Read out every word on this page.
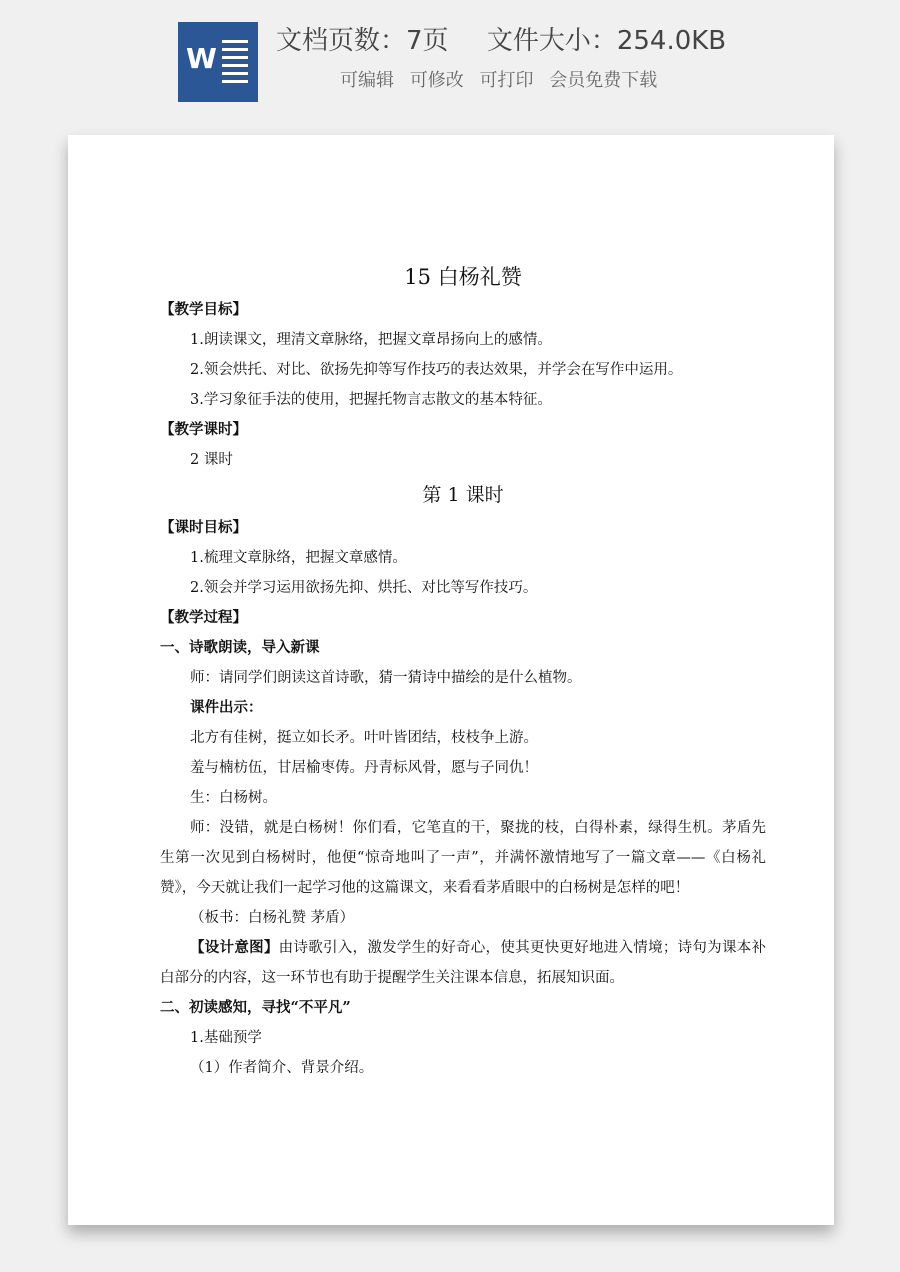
W
文档页数：7页 文件大小：254.0KB
可编辑 可修改 可打印 会员免费下载

15 白杨礼赞

【教学目标】

1.朗读课文，理清文章脉络，把握文章昂扬向上的感情。

2.领会烘托、对比、欲扬先抑等写作技巧的表达效果，并学会在写作中运用。

3.学习象征手法的使用，把握托物言志散文的基本特征。

【教学课时】

2 课时

第 1 课时

【课时目标】

1.梳理文章脉络，把握文章感情。

2.领会并学习运用欲扬先抑、烘托、对比等写作技巧。

【教学过程】

一、诗歌朗读，导入新课

师：请同学们朗读这首诗歌，猜一猜诗中描绘的是什么植物。

课件出示：

北方有佳树，挺立如长矛。叶叶皆团结，枝枝争上游。

羞与楠枋伍，甘居榆枣俦。丹青标风骨，愿与子同仇！

生：白杨树。

师：没错，就是白杨树！你们看，它笔直的干，聚拢的枝，白得朴素，绿得生机。茅盾先生第一次见到白杨树时，他便“惊奇地叫了一声”，并满怀激情地写了一篇文章——《白杨礼赞》，今天就让我们一起学习他的这篇课文，来看看茅盾眼中的白杨树是怎样的吧！

（板书：白杨礼赞 茅盾）

【设计意图】由诗歌引入，激发学生的好奇心，使其更快更好地进入情境；诗句为课本补白部分的内容，这一环节也有助于提醒学生关注课本信息，拓展知识面。

二、初读感知，寻找“不平凡”

1.基础预学

（1）作者简介、背景介绍。
